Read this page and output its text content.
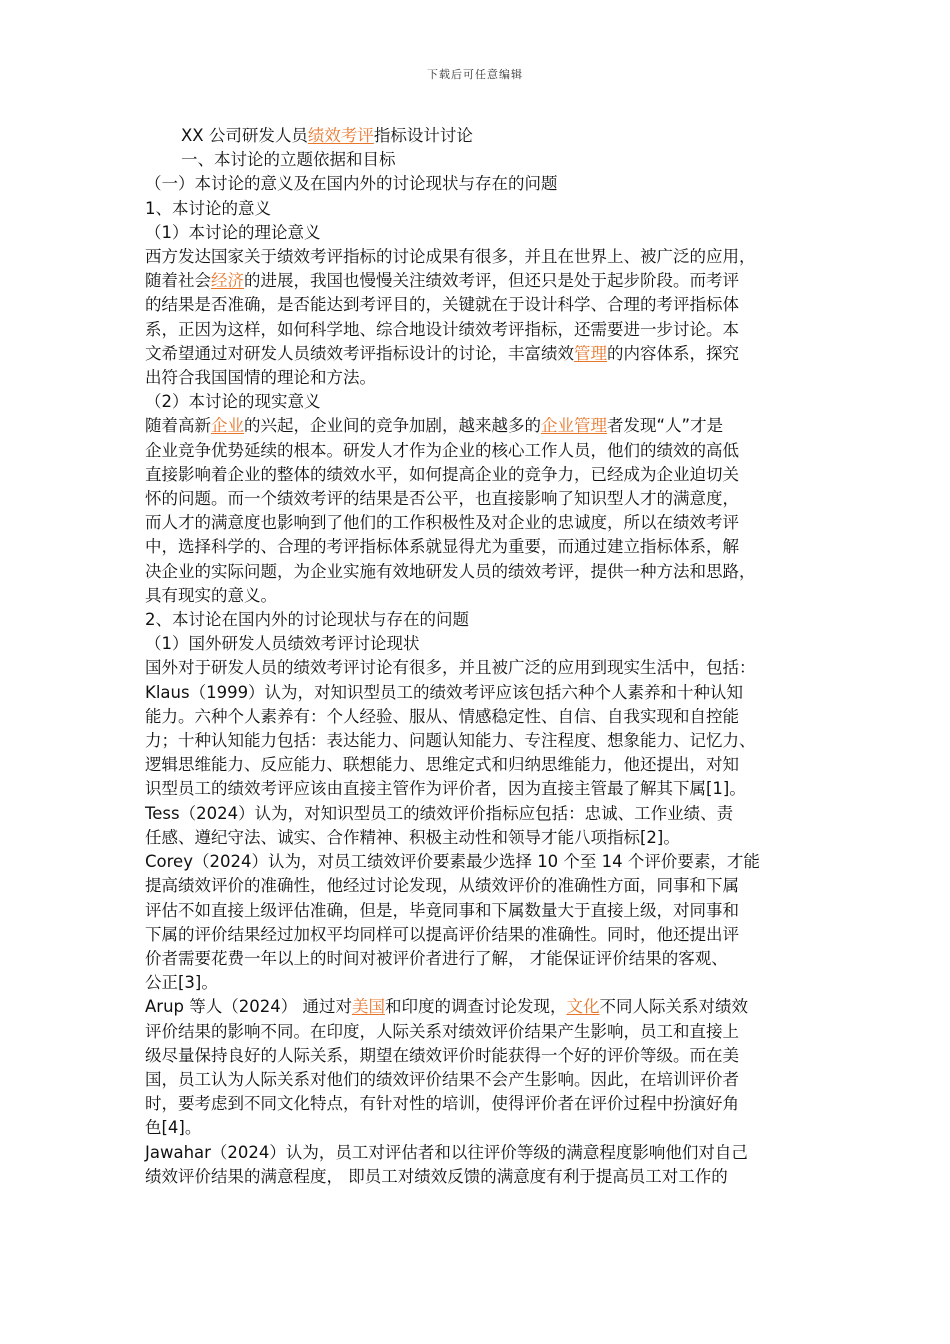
下载后可任意编辑

XX 公司研发人员绩效考评指标设计讨论

一、本讨论的立题依据和目标

（一）本讨论的意义及在国内外的讨论现状与存在的问题

1、本讨论的意义

（1）本讨论的理论意义

西方发达国家关于绩效考评指标的讨论成果有很多，并且在世界上、被广泛的应用，

随着社会经济的进展，我国也慢慢关注绩效考评，但还只是处于起步阶段。而考评

的结果是否准确，是否能达到考评目的，关键就在于设计科学、合理的考评指标体

系，正因为这样，如何科学地、综合地设计绩效考评指标，还需要进一步讨论。本

文希望通过对研发人员绩效考评指标设计的讨论，丰富绩效管理的内容体系，探究

出符合我国国情的理论和方法。

（2）本讨论的现实意义

随着高新企业的兴起，企业间的竞争加剧，越来越多的企业管理者发现“人”才是

企业竞争优势延续的根本。研发人才作为企业的核心工作人员，他们的绩效的高低

直接影响着企业的整体的绩效水平，如何提高企业的竞争力，已经成为企业迫切关

怀的问题。而一个绩效考评的结果是否公平，也直接影响了知识型人才的满意度，

而人才的满意度也影响到了他们的工作积极性及对企业的忠诚度，所以在绩效考评

中，选择科学的、合理的考评指标体系就显得尤为重要，而通过建立指标体系，解

决企业的实际问题，为企业实施有效地研发人员的绩效考评，提供一种方法和思路，

具有现实的意义。

2、本讨论在国内外的讨论现状与存在的问题

（1）国外研发人员绩效考评讨论现状

国外对于研发人员的绩效考评讨论有很多，并且被广泛的应用到现实生活中，包括：

Klaus（1999）认为，对知识型员工的绩效考评应该包括六种个人素养和十种认知

能力。六种个人素养有：个人经验、服从、情感稳定性、自信、自我实现和自控能

力；十种认知能力包括：表达能力、问题认知能力、专注程度、想象能力、记忆力、

逻辑思维能力、反应能力、联想能力、思维定式和归纳思维能力，他还提出，对知

识型员工的绩效考评应该由直接主管作为评价者，因为直接主管最了解其下属[1]。

Tess（2024）认为，对知识型员工的绩效评价指标应包括：忠诚、工作业绩、责

任感、遵纪守法、诚实、合作精神、积极主动性和领导才能八项指标[2]。

Corey（2024）认为，对员工绩效评价要素最少选择 10 个至 14 个评价要素，才能

提高绩效评价的准确性，他经过讨论发现，从绩效评价的准确性方面，同事和下属

评估不如直接上级评估准确，但是，毕竟同事和下属数量大于直接上级，对同事和

下属的评价结果经过加权平均同样可以提高评价结果的准确性。同时，他还提出评

价者需要花费一年以上的时间对被评价者进行了解， 才能保证评价结果的客观、

公正[3]。

Arup 等人（2024） 通过对美国和印度的调查讨论发现，文化不同人际关系对绩效

评价结果的影响不同。在印度，人际关系对绩效评价结果产生影响，员工和直接上

级尽量保持良好的人际关系，期望在绩效评价时能获得一个好的评价等级。而在美

国，员工认为人际关系对他们的绩效评价结果不会产生影响。因此，在培训评价者

时，要考虑到不同文化特点，有针对性的培训，使得评价者在评价过程中扮演好角

色[4]。

Jawahar（2024）认为，员工对评估者和以往评价等级的满意程度影响他们对自己

绩效评价结果的满意程度， 即员工对绩效反馈的满意度有利于提高员工对工作的
